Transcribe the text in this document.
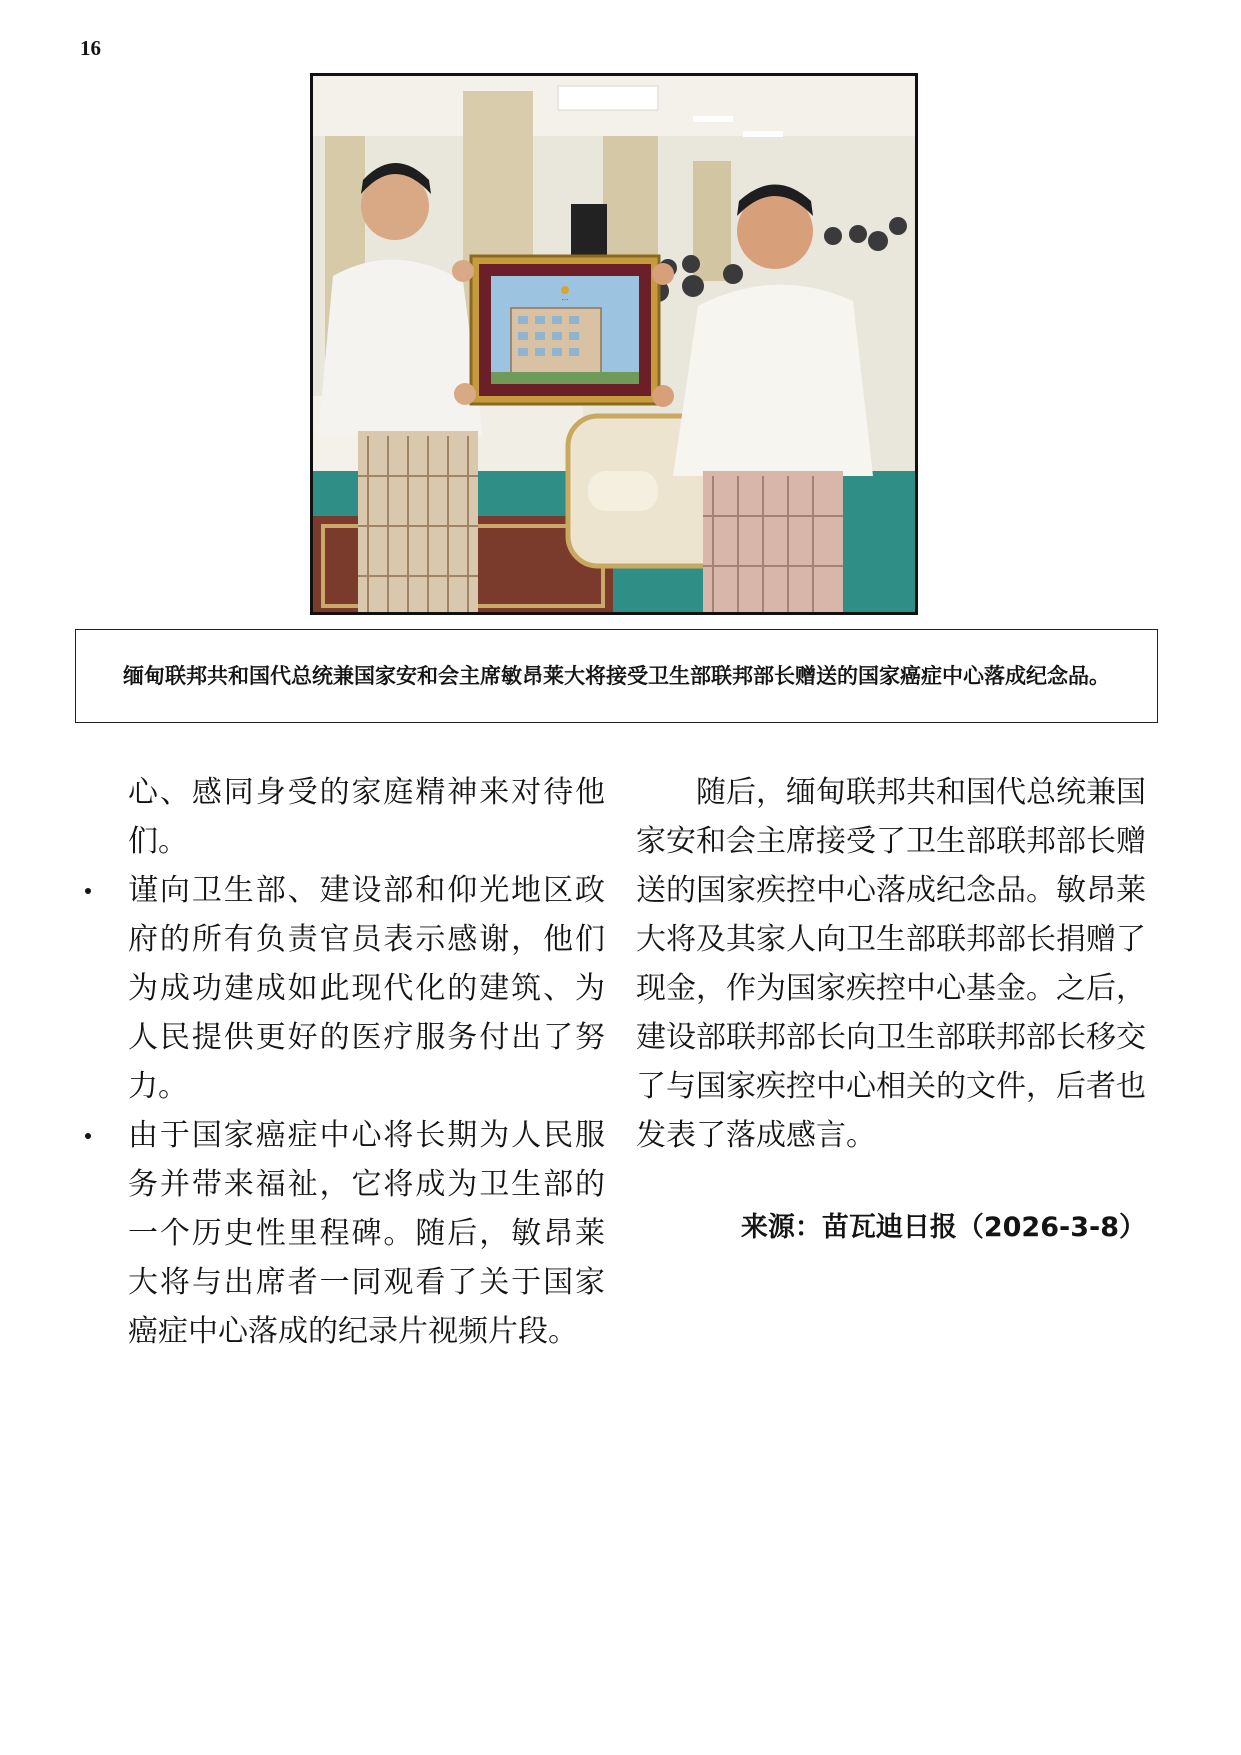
16
···

缅甸联邦共和国代总统兼国家安和会主席敏昂莱大将接受卫生部联邦部长赠送的国家癌症中心落成纪念品。

心、感同身受的家庭精神来对待他们。

谨向卫生部、建设部和仰光地区政府的所有负责官员表示感谢，他们为成功建成如此现代化的建筑、为人民提供更好的医疗服务付出了努力。
由于国家癌症中心将长期为人民服务并带来福祉，它将成为卫生部的一个历史性里程碑。随后，敏昂莱大将与出席者一同观看了关于国家癌症中心落成的纪录片视频片段。

随后，缅甸联邦共和国代总统兼国家安和会主席接受了卫生部联邦部长赠送的国家疾控中心落成纪念品。敏昂莱大将及其家人向卫生部联邦部长捐赠了现金，作为国家疾控中心基金。之后，建设部联邦部长向卫生部联邦部长移交了与国家疾控中心相关的文件，后者也发表了落成感言。

来源：苗瓦迪日报（2026-3-8）
